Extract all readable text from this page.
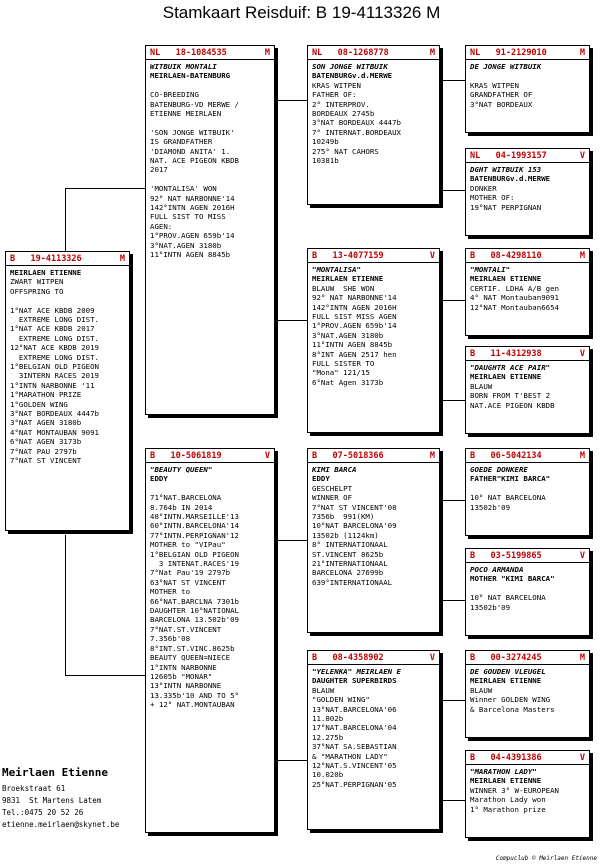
Stamkaart Reisduif: B 19-4113326 M
B 19-4113326	M
MEIRLAEN ETIENNE
ZWART WITPEN
OFFSPRING TO
1°NAT ACE KBDB 2009
EXTREME LONG DIST.
1°NAT ACE KBDB 2017
EXTREME LONG DIST.
12°NAT ACE KBDB 2019
EXTREME LONG DIST.
1°BELGIAN OLD PIGEON
3INTERN RACES 2019
1°INTN NARBONNE '11
1°MARATHON PRIZE
1°GOLDEN WING
3°NAT BORDEAUX 4447b
3°NAT AGEN 3180b
4°NAT MONTAUBAN 9091
6°NAT AGEN 3173b
7°NAT PAU 2797b
7°NAT ST VINCENT
NL 18-1084535	M
WITBUIK MONTALI
MEIRLAEN-BATENBURG
CO-BREEDING
BATENBURG-VD MERWE /
ETIENNE MEIRLAEN
'SON JONGE WITBUIK'
IS GRANDFATHER
'DIAMOND ANITA' 1.
NAT. ACE PIGEON KBDB
2017
'MONTALISA' WON
92° NAT NARBONNE'14
142°INTN AGEN 2016H
FULL SIST TO MISS
AGEN:
1°PROV.AGEN 659b'14
3°NAT.AGEN 3180b
11°INTN AGEN 8845b
B 10-5061819	V
"BEAUTY QUEEN"
EDDY
71°NAT.BARCELONA
8.764b IN 2014
48°INTN.MARSEILLE'13
60°INTN.BARCELONA'14
77°INTN.PERPIGNAN'12
MOTHER to "VIPau"
1°BELGIAN OLD PIGEON
3 INTENAT.RACES'19
7°Nat Pau'19 2797b
63°NAT ST VINCENT
MOTHER to
66°NAT.BARCLNA 7301b
DAUGHTER 10°NATIONAL
BARCELONA 13.502b'09
7°NAT.ST.VINCENT
7.356b'08
8°INT.ST.VINC.8625b
BEAUTY QUEEN=NIECE
1°INTN NARBONNE
12605b "MONAR"
13°INTN NARBONNE
13.335b'10 AND TO 5°
+ 12° NAT.MONTAUBAN
NL 08-1268778	M
SON JONGE WITBUIK
BATENBURGv.d.MERWE
KRAS WITPEN
FATHER OF:
2° INTERPROV.
BORDEAUX 2745b
3°NAT BORDEAUX 4447b
7° INTERNAT.BORDEAUX
10249b
275° NAT CAHORS
10381b
B 13-4077159	V
"MONTALISA"
MEIRLAEN ETIENNE
BLAUW  SHE WON
92° NAT NARBONNE'14
142°INTN AGEN 2016H
FULL SIST MISS AGEN
1°PROV.AGEN 659b'14
3°NAT.AGEN 3180b
11°INTN AGEN 8845b
8°INT AGEN 2517 hen
FULL SISTER TO
"Mona" 121/15
6°Nat Agen 3173b
B 07-5018366	M
KIMI BARCA
EDDY
GESCHELPT
WINNER OF
7°NAT ST VINCENT'08
7356b  991(KM)
10°NAT BARCELONA'09
13502b (1124km)
8° INTERNATIONAAL
ST.VINCENT 8625b
21°INTERNATIONAAL
BARCELONA 27699b
639°INTERNATIONAAL
B 08-4358902	V
"YELENKA" MEIRLAEN E
DAUGHTER SUPERBIRDS
BLAUW
"GOLDEN WING"
13°NAT.BARCELONA'06
11.802b
17°NAT.BARCELONA'04
12.275b
37°NAT SA.SEBASTIAN
& "MARATHON LADY"
12°NAT.S.VINCENT'05
10.020b
25°NAT.PERPIGNAN'05
NL 91-2129010	M
DE JONGE WITBUIK
KRAS WITPEN
GRANDFATHER OF
3°NAT BORDEAUX
NL 04-1993157	V
DGHT WITBUIK 153
BATENBURGv.d.MERWE
DONKER
MOTHER OF:
19°NAT PERPIGNAN
B 08-4298110	M
"MONTALI"
MEIRLAEN ETIENNE
CERTIF. LDHA A/B gen
4° NAT Montauban9091
12°NAT Montauban6654
B 11-4312938	V
"DAUGHTR ACE PAIR"
MEIRLAEN ETIENNE
BLAUW
BORN FROM T'BEST 2
NAT.ACE PIGEON KBDB
B 06-5042134	M
GOEDE DONKERE
FATHER"KIMI BARCA"
10° NAT BARCELONA
13502b'09
B 03-5199865	V
POCO ARMANDA
MOTHER "KIMI BARCA"
10° NAT BARCELONA
13502b'09
B 00-3274245	M
DE GOUDEN VLEUGEL
MEIRLAEN ETIENNE
BLAUW
Winner GOLDEN WING
& Barcelona Masters
B 04-4391386	V
"MARATHON LADY"
MEIRLAEN ETIENNE
WINNER 3° W-EUROPEAN
Marathon Lady won
1° Marathon prize
Meirlaen Etienne
Broekstraat 61
9831  St Martens Latem
Tel.:0475 20 52 26
etienne.meirlaen@skynet.be
Compuclub © Meirlaen Etienne
